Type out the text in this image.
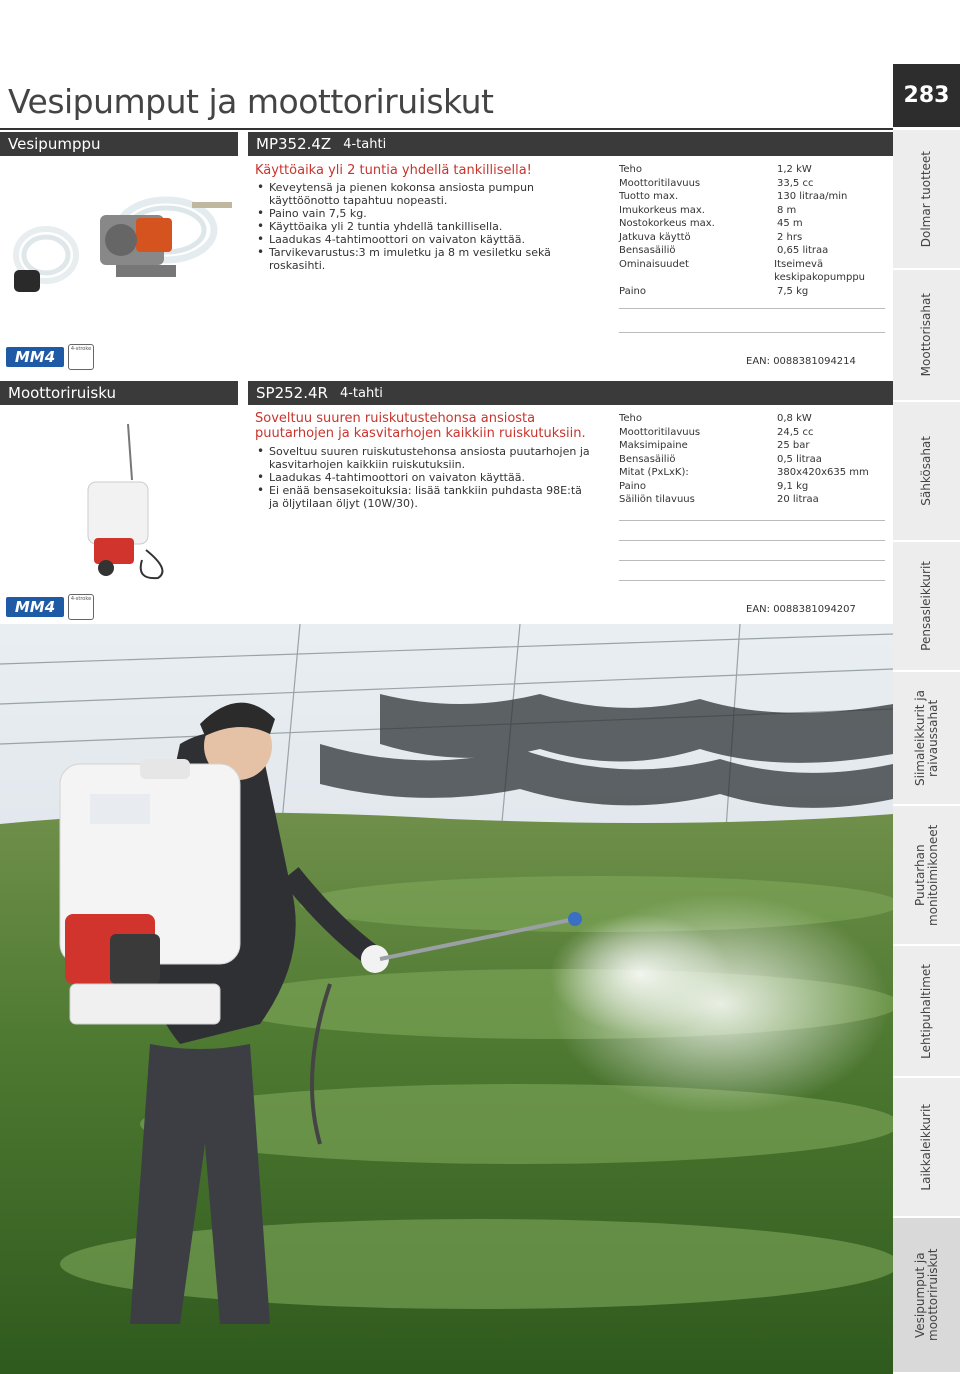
Vesipumput ja moottoriruiskut	283
Vesipumppu	MP352.4Z 4-tahti
MM4	4-stroke
Käyttöaika yli 2 tuntia yhdellä tankillisella!
• Keveytensä ja pienen kokonsa ansiosta pumpun käyttöönotto tapahtuu nopeasti.
• Paino vain 7,5 kg.
• Käyttöaika yli 2 tuntia yhdellä tankillisella.
• Laadukas 4-tahtimoottori on vaivaton käyttää.
• Tarvikevarustus:3 m imuletku ja 8 m vesiletku sekä roskasihti.
Teho	1,2 kW
Moottoritilavuus	33,5 cc
Tuotto max.	130 litraa/min
Imukorkeus max.	8 m
Nostokorkeus max.	45 m
Jatkuva käyttö	2 hrs
Bensasäiliö	0,65 litraa
Ominaisuudet	Itseimevä keskipakopumppu
Paino	7,5 kg
EAN: 0088381094214
Moottoriruisku	SP252.4R 4-tahti
MM4	4-stroke
Soveltuu suuren ruiskutustehonsa ansiosta puutarhojen ja kasvitarhojen kaikkiin ruiskutuksiin.
• Soveltuu suuren ruiskutustehonsa ansiosta puutarhojen ja kasvitarhojen kaikkiin ruiskutuksiin.
• Laadukas 4-tahtimoottori on vaivaton käyttää.
• Ei enää bensasekoituksia: lisää tankkiin puhdasta 98E:tä ja öljytilaan öljyt (10W/30).
Teho	0,8 kW
Moottoritilavuus	24,5 cc
Maksimipaine	25 bar
Bensasäiliö	0,5 litraa
Mitat (PxLxK):	380x420x635 mm
Paino	9,1 kg
Säiliön tilavuus	20 litraa
EAN: 0088381094207
Dolmar tuotteet
Moottorisahat
Sähkösahat
Pensasleikkurit
Siimaleikkurit ja raivaussahat
Puutarhan monitoimikoneet
Lehtipuhaltimet
Laikkaleikkurit
Vesipumput ja moottoriruiskut
